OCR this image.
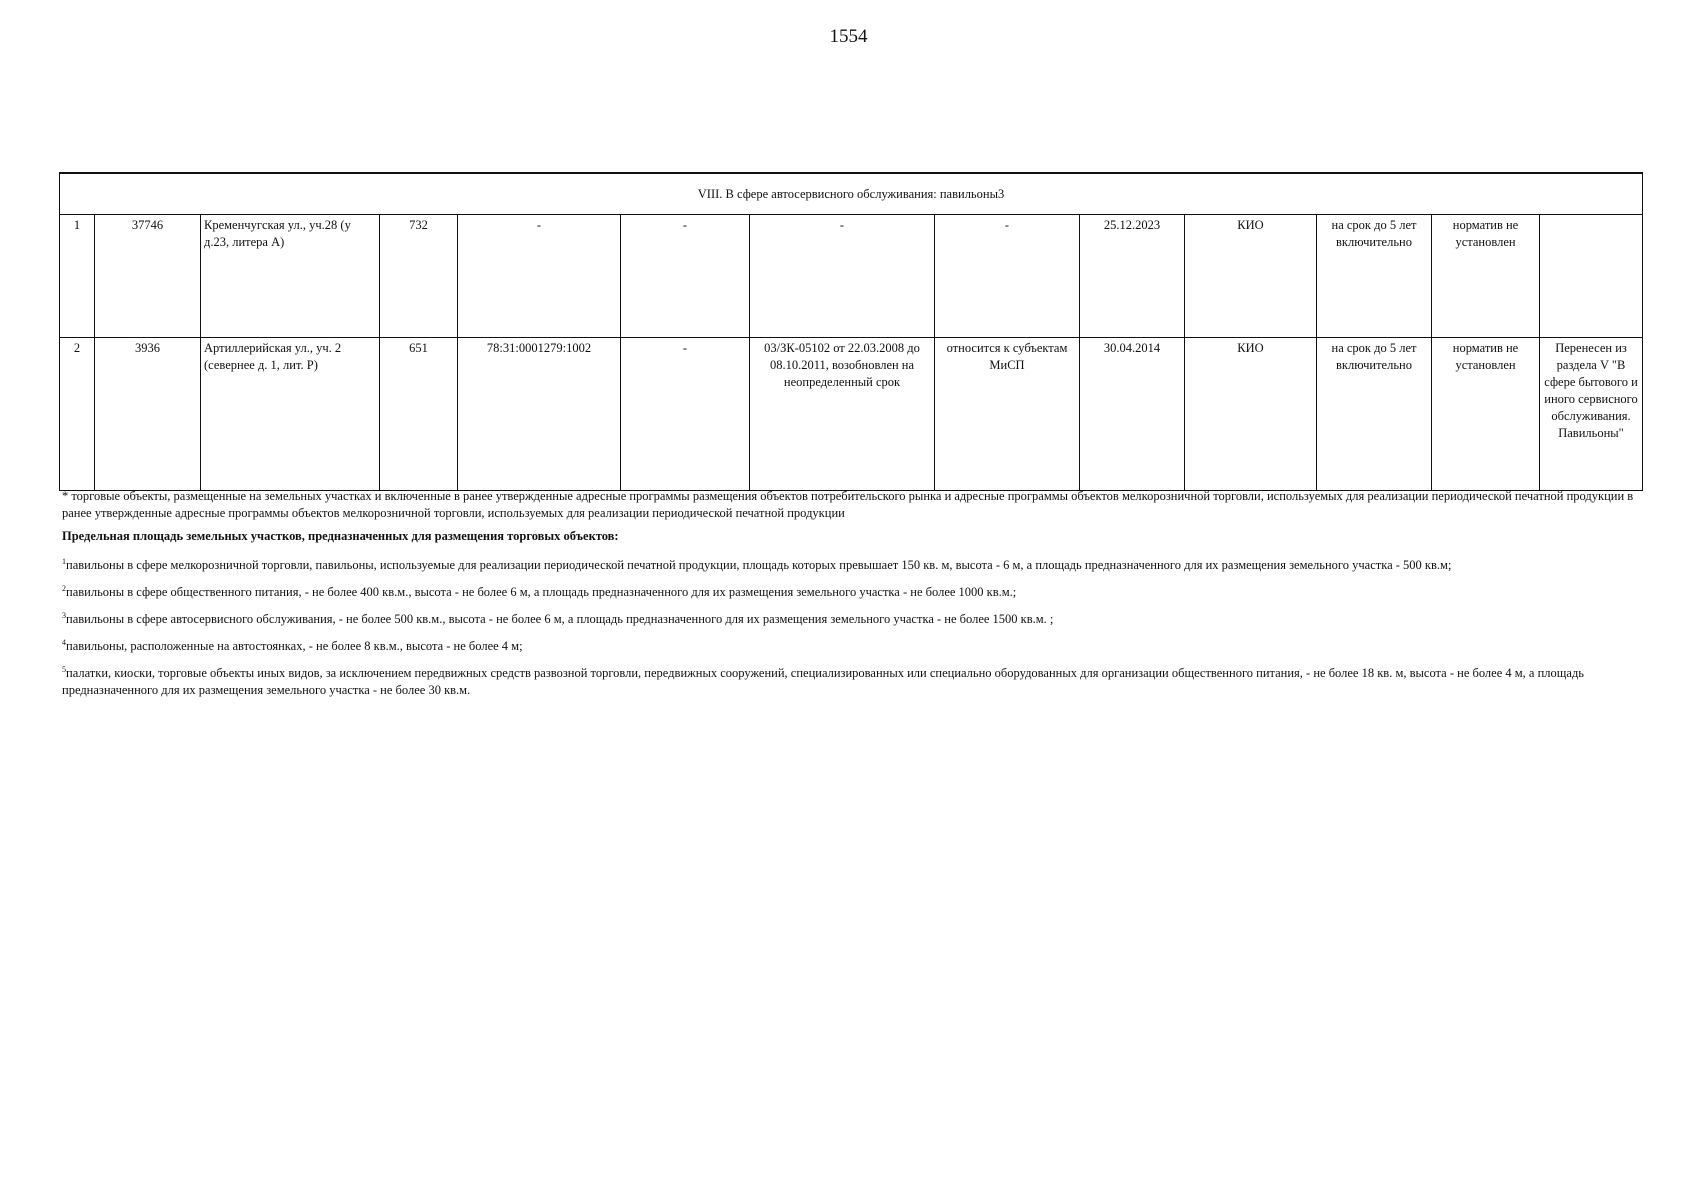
1554
VIII. В сфере автосервисного обслуживания: павильоны3												
1	37746	Кременчугская ул., уч.28 (у д.23, литера А)	732	-	-	-	-	25.12.2023	КИО	на срок до 5 лет включительно	норматив не установлен	
2	3936	Артиллерийская ул., уч. 2 (севернее д. 1, лит. Р)	651	78:31:0001279:1002	-	03/ЗК-05102 от 22.03.2008 до 08.10.2011, возобновлен на неопределенный срок	относится к субъектам МиСП	30.04.2014	КИО	на срок до 5 лет включительно	норматив не установлен	Перенесен из раздела V "В сфере бытового и иного сервисного обслуживания. Павильоны"

* торговые объекты, размещенные на земельных участках и включенные в ранее утвержденные адресные программы размещения объектов потребительского рынка и адресные программы объектов мелкорозничной торговли, используемых для реализации периодической печатной продукции в ранее утвержденные адресные программы объектов мелкорозничной торговли, используемых для реализации периодической печатной продукции

Предельная площадь земельных участков, предназначенных для размещения торговых объектов:

$^1$павильоны в сфере мелкорозничной торговли, павильоны, используемые для реализации периодической печатной продукции, площадь которых превышает 150 кв. м, высота - 6 м, а площадь предназначенного для их размещения земельного участка - 500 кв.м;

$^2$павильоны в сфере общественного питания, - не более 400 кв.м., высота - не более 6 м, а площадь предназначенного для их размещения земельного участка - не более 1000 кв.м.;

$^3$павильоны в сфере автосервисного обслуживания, - не более 500 кв.м., высота - не более 6 м, а площадь предназначенного для их размещения земельного участка - не более 1500 кв.м. ;

$^4$павильоны, расположенные на автостоянках, - не более 8 кв.м., высота - не более 4 м;

$^5$палатки, киоски, торговые объекты иных видов, за исключением передвижных средств развозной торговли, передвижных сооружений, специализированных или специально оборудованных для организации общественного питания, - не более 18 кв. м, высота - не более 4 м, а площадь предназначенного для их размещения земельного участка - не более 30 кв.м.
